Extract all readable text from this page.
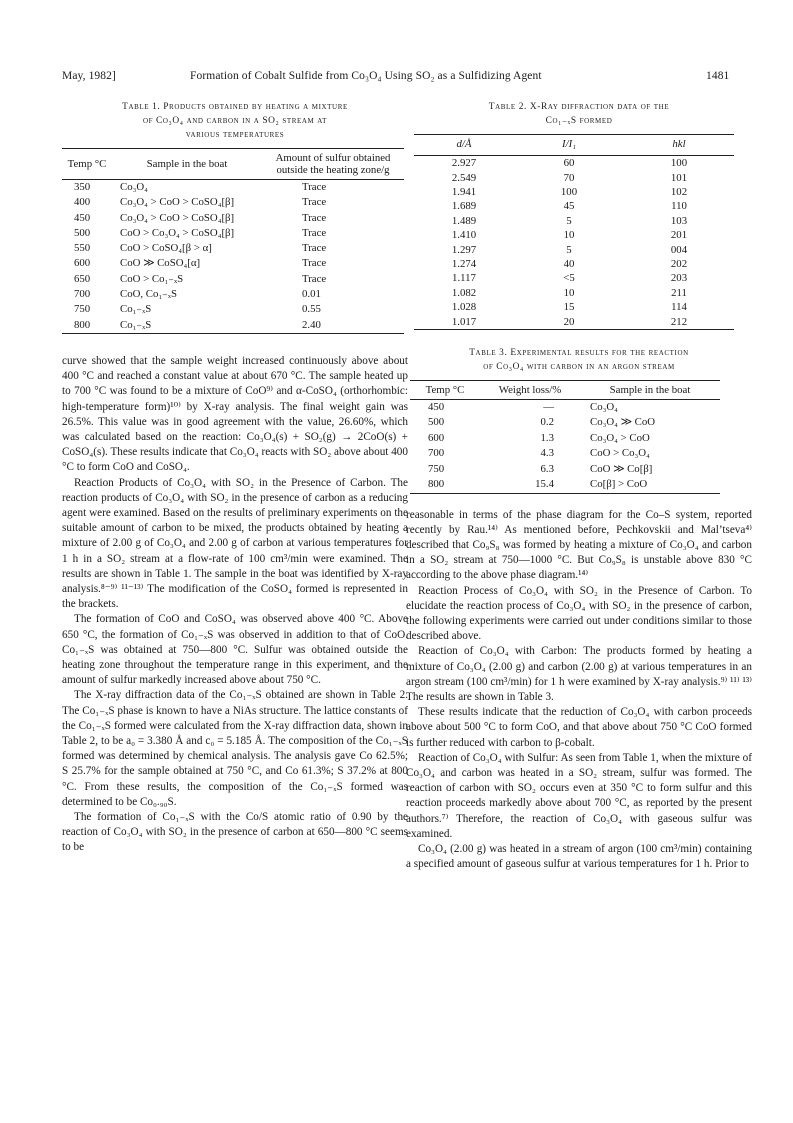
May, 1982]	Formation of Cobalt Sulfide from Co₃O₄ Using SO₂ as a Sulfidizing Agent	1481
Table 1. Products obtained by heating a mixture
of Co₃O₄ and carbon in a SO₂ stream at
various temperatures
Temp °C	Sample in the boat	Amount of sulfur obtained outside the heating zone/g
350	Co₃O₄	Trace
400	Co₃O₄ > CoO > CoSO₄[β]	Trace
450	Co₃O₄ > CoO > CoSO₄[β]	Trace
500	CoO > Co₃O₄ > CoSO₄[β]	Trace
550	CoO > CoSO₄[β > α]	Trace
600	CoO ≫ CoSO₄[α]	Trace
650	CoO > Co₁₋ₓS	Trace
700	CoO, Co₁₋ₓS	0.01
750	Co₁₋ₓS	0.55
800	Co₁₋ₓS	2.40

curve showed that the sample weight increased continuously above about 400 °C and reached a constant value at about 670 °C. The sample heated up to 700 °C was found to be a mixture of CoO⁹⁾ and α-CoSO₄ (orthorhombic: high-temperature form)¹⁰⁾ by X-ray analysis. The final weight gain was 26.5%. This value was in good agreement with the value, 26.60%, which was calculated based on the reaction: Co₃O₄(s) + SO₂(g) → 2CoO(s) + CoSO₄(s). These results indicate that Co₃O₄ reacts with SO₂ above about 400 °C to form CoO and CoSO₄.

Reaction Products of Co₃O₄ with SO₂ in the Presence of Carbon. The reaction products of Co₃O₄ with SO₂ in the presence of carbon as a reducing agent were examined. Based on the results of preliminary experiments on the suitable amount of carbon to be mixed, the products obtained by heating a mixture of 2.00 g of Co₃O₄ and 2.00 g of carbon at various temperatures for 1 h in a SO₂ stream at a flow-rate of 100 cm³/min were examined. The results are shown in Table 1. The sample in the boat was identified by X-ray analysis.⁸⁻⁹⁾ ¹¹⁻¹³⁾ The modification of the CoSO₄ formed is represented in the brackets.

The formation of CoO and CoSO₄ was observed above 400 °C. Above 650 °C, the formation of Co₁₋ₓS was observed in addition to that of CoO. Co₁₋ₓS was obtained at 750—800 °C. Sulfur was obtained outside the heating zone throughout the temperature range in this experiment, and the amount of sulfur markedly increased above about 750 °C.

The X-ray diffraction data of the Co₁₋ₓS obtained are shown in Table 2. The Co₁₋ₓS phase is known to have a NiAs structure. The lattice constants of the Co₁₋ₓS formed were calculated from the X-ray diffraction data, shown in Table 2, to be a₀ = 3.380 Å and c₀ = 5.185 Å. The composition of the Co₁₋ₓS formed was determined by chemical analysis. The analysis gave Co 62.5%; S 25.7% for the sample obtained at 750 °C, and Co 61.3%; S 37.2% at 800 °C. From these results, the composition of the Co₁₋ₓS formed was determined to be Co₀.₉₀S.

The formation of Co₁₋ₓS with the Co/S atomic ratio of 0.90 by the reaction of Co₃O₄ with SO₂ in the presence of carbon at 650—800 °C seems to be

Table 2. X-Ray diffraction data of the
Co₁₋ₓS formed
d/Å	I/I₁	hkl
2.927	60	100
2.549	70	101
1.941	100	102
1.689	45	110
1.489	5	103
1.410	10	201
1.297	5	004
1.274	40	202
1.117	<5	203
1.082	10	211
1.028	15	114
1.017	20	212
Table 3. Experimental results for the reaction
of Co₃O₄ with carbon in an argon stream
Temp °C	Weight loss/%	Sample in the boat
450	—	Co₃O₄
500	0.2	Co₃O₄ ≫ CoO
600	1.3	Co₃O₄ > CoO
700	4.3	CoO > Co₃O₄
750	6.3	CoO ≫ Co[β]
800	15.4	Co[β] > CoO

reasonable in terms of the phase diagram for the Co–S system, reported recently by Rau.¹⁴⁾ As mentioned before, Pechkovskii and Mal’tseva⁴⁾ described that Co₉S₈ was formed by heating a mixture of Co₃O₄ and carbon in a SO₂ stream at 750—1000 °C. But Co₉S₈ is unstable above 830 °C according to the above phase diagram.¹⁴⁾

Reaction Process of Co₃O₄ with SO₂ in the Presence of Carbon. To elucidate the reaction process of Co₃O₄ with SO₂ in the presence of carbon, the following experiments were carried out under conditions similar to those described above.

Reaction of Co₃O₄ with Carbon: The products formed by heating a mixture of Co₃O₄ (2.00 g) and carbon (2.00 g) at various temperatures in an argon stream (100 cm³/min) for 1 h were examined by X-ray analysis.⁹⁾ ¹¹⁾ ¹³⁾ The results are shown in Table 3.

These results indicate that the reduction of Co₃O₄ with carbon proceeds above about 500 °C to form CoO, and that above about 750 °C CoO formed is further reduced with carbon to β-cobalt.

Reaction of Co₃O₄ with Sulfur: As seen from Table 1, when the mixture of Co₃O₄ and carbon was heated in a SO₂ stream, sulfur was formed. The reaction of carbon with SO₂ occurs even at 350 °C to form sulfur and this reaction proceeds markedly above about 700 °C, as reported by the present authors.⁷⁾ Therefore, the reaction of Co₃O₄ with gaseous sulfur was examined.

Co₃O₄ (2.00 g) was heated in a stream of argon (100 cm³/min) containing a specified amount of gaseous sulfur at various temperatures for 1 h. Prior to
